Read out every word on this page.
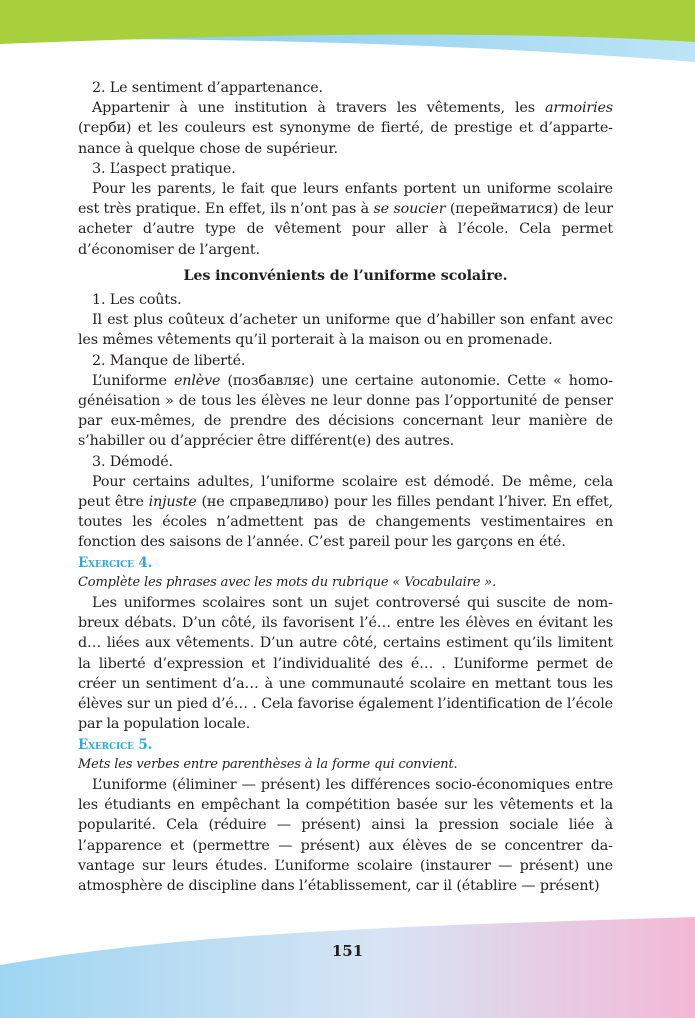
2. Le sentiment d’appartenance.

Appartenir à une institution à travers les vêtements, les armoiries (герби) et les couleurs est synonyme de fierté, de prestige et d’appartenance à quelque chose de supérieur.

3. L’aspect pratique.

Pour les parents, le fait que leurs enfants portent un uniforme scolaire est très pratique. En effet, ils n’ont pas à se soucier (перейматися) de leur acheter d’autre type de vêtement pour aller à l’école. Cela permet d’économiser de l’argent.

Les inconvénients de l’uniforme scolaire.

1. Les coûts.

Il est plus coûteux d’acheter un uniforme que d’habiller son enfant avec les mêmes vêtements qu’il porterait à la maison ou en promenade.

2. Manque de liberté.

L’uniforme enlève (позбавляє) une certaine autonomie. Cette « homogénéisation » de tous les élèves ne leur donne pas l’opportunité de penser par eux-mêmes, de prendre des décisions concernant leur manière de s’habiller ou d’apprécier être différent(e) des autres.

3. Démodé.

Pour certains adultes, l’uniforme scolaire est démodé. De même, cela peut être injuste (не справедливо) pour les filles pendant l’hiver. En effet, toutes les écoles n’admettent pas de changements vestimentaires en fonction des saisons de l’année. C’est pareil pour les garçons en été.

Exercice 4.

Complète les phrases avec les mots du rubrique « Vocabulaire ».

Les uniformes scolaires sont un sujet controversé qui suscite de nombreux débats. D’un côté, ils favorisent l’é… entre les élèves en évitant les d… liées aux vêtements. D’un autre côté, certains estiment qu’ils limitent la liberté d’expression et l’individualité des é… . L’uniforme permet de créer un sentiment d’a… à une communauté scolaire en mettant tous les élèves sur un pied d’é… . Cela favorise également l’identification de l’école par la population locale.

Exercice 5.

Mets les verbes entre parenthèses à la forme qui convient.

L’uniforme (éliminer — présent) les différences socio-économiques entre les étudiants en empêchant la compétition basée sur les vêtements et la popularité. Cela (réduire — présent) ainsi la pression sociale liée à l’apparence et (permettre — présent) aux élèves de se concentrer davantage sur leurs études. L’uniforme scolaire (instaurer — présent) une atmosphère de discipline dans l’établissement, car il (établire — présent)

151
